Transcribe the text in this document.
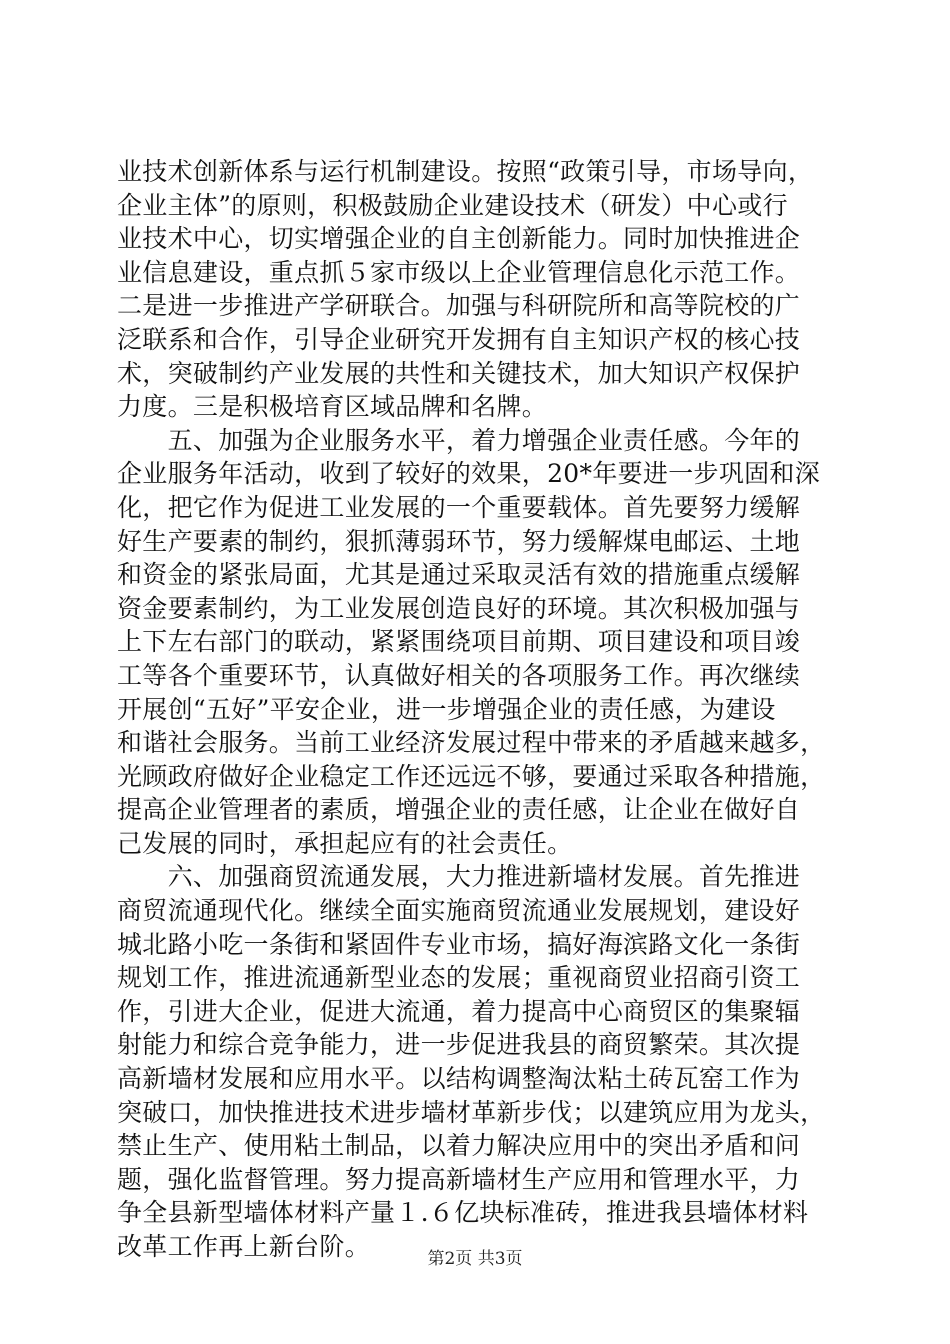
业技术创新体系与运行机制建设。按照“政策引导，市场导向，
企业主体”的原则，积极鼓励企业建设技术（研发）中心或行
业技术中心，切实增强企业的自主创新能力。同时加快推进企
业信息建设，重点抓５家市级以上企业管理信息化示范工作。
二是进一步推进产学研联合。加强与科研院所和高等院校的广
泛联系和合作，引导企业研究开发拥有自主知识产权的核心技
术，突破制约产业发展的共性和关键技术，加大知识产权保护
力度。三是积极培育区域品牌和名牌。
　　五、加强为企业服务水平，着力增强企业责任感。今年的
企业服务年活动，收到了较好的效果，20*年要进一步巩固和深
化，把它作为促进工业发展的一个重要载体。首先要努力缓解
好生产要素的制约，狠抓薄弱环节，努力缓解煤电邮运、土地
和资金的紧张局面，尤其是通过采取灵活有效的措施重点缓解
资金要素制约，为工业发展创造良好的环境。其次积极加强与
上下左右部门的联动，紧紧围绕项目前期、项目建设和项目竣
工等各个重要环节，认真做好相关的各项服务工作。再次继续
开展创“五好”平安企业，进一步增强企业的责任感，为建设
和谐社会服务。当前工业经济发展过程中带来的矛盾越来越多，
光顾政府做好企业稳定工作还远远不够，要通过采取各种措施，
提高企业管理者的素质，增强企业的责任感，让企业在做好自
己发展的同时，承担起应有的社会责任。
　　六、加强商贸流通发展，大力推进新墙材发展。首先推进
商贸流通现代化。继续全面实施商贸流通业发展规划，建设好
城北路小吃一条街和紧固件专业市场，搞好海滨路文化一条街
规划工作，推进流通新型业态的发展；重视商贸业招商引资工
作，引进大企业，促进大流通，着力提高中心商贸区的集聚辐
射能力和综合竞争能力，进一步促进我县的商贸繁荣。其次提
高新墙材发展和应用水平。以结构调整淘汰粘土砖瓦窑工作为
突破口，加快推进技术进步墙材革新步伐；以建筑应用为龙头，
禁止生产、使用粘土制品，以着力解决应用中的突出矛盾和问
题，强化监督管理。努力提高新墙材生产应用和管理水平，力
争全县新型墙体材料产量１.６亿块标准砖，推进我县墙体材料
改革工作再上新台阶。	第2页 共3页
